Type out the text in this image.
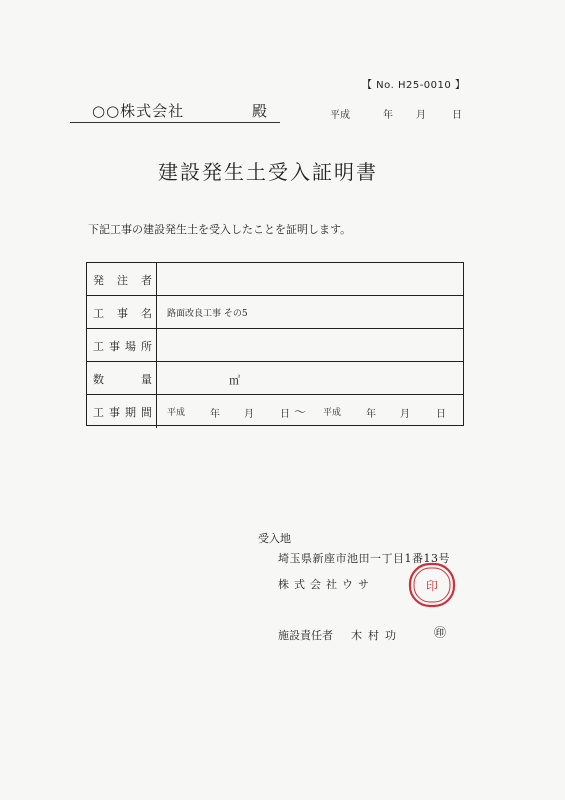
【 No. H25-0010 】
○○株式会社	殿	平成	年 月	日
建設発生土受入証明書
下記工事の建設発生土を受入したことを証明します。
発 注 者
工 事 名 路面改良工事 その5
工 事 場 所
数	量	㎥
工 事 期 間 平成 年 月	日 〜 平成 年 月	日
受入地
埼玉県新座市池田一丁目1番13号
株式会社ウサ	印
施設責任者 木村功	㊞
